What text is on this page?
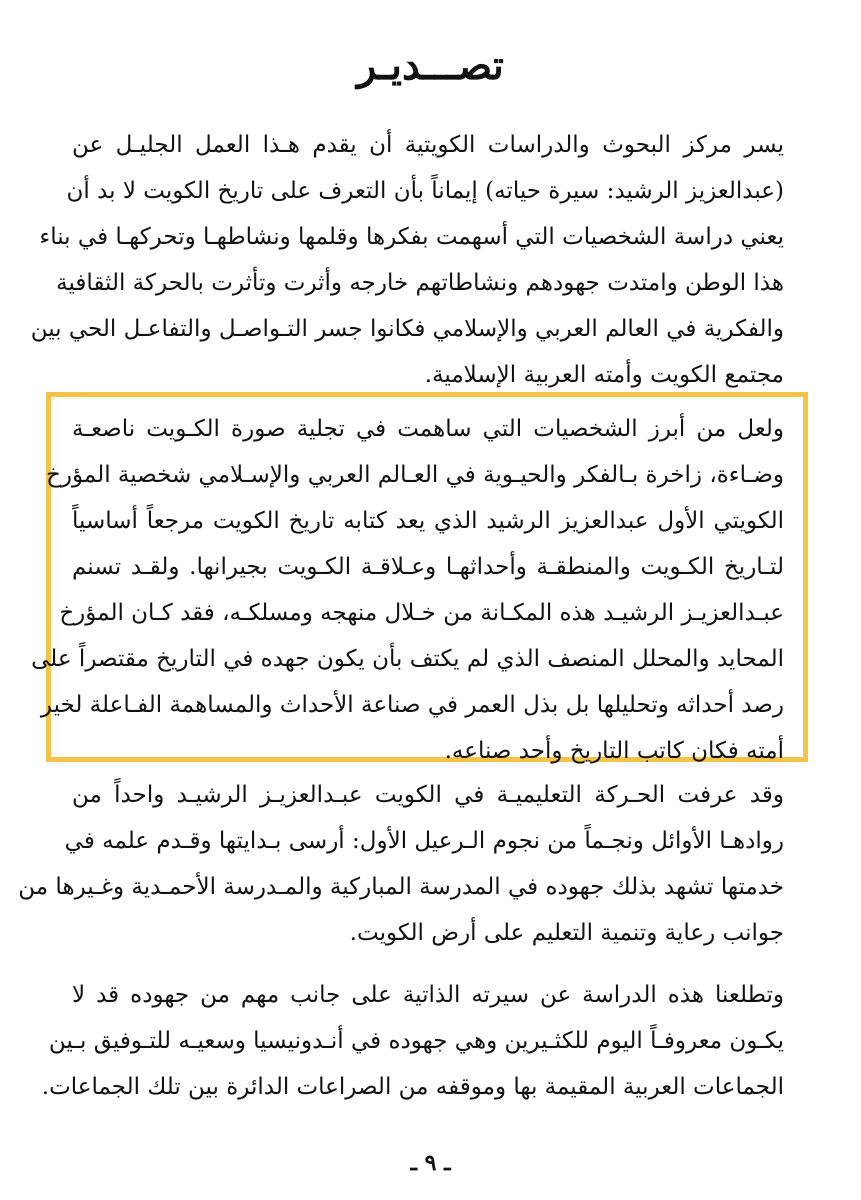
تصـــديـر
يسر مركز البحوث والدراسات الكويتية أن يقدم هـذا العمل الجليـل عن
(عبدالعزيز الرشيد: سيرة حياته) إيماناً بأن التعرف على تاريخ الكويت لا بد أن
يعني دراسة الشخصيات التي أسهمت بفكرها وقلمها ونشاطهـا وتحركهـا في بناء
هذا الوطن وامتدت جهودهم ونشاطاتهم خارجه وأثرت وتأثرت بالحركة الثقافية
والفكرية في العالم العربي والإسلامي فكانوا جسر التـواصـل والتفاعـل الحي بين
مجتمع الكويت وأمته العربية الإسلامية.
ولعل من أبرز الشخصيات التي ساهمت في تجلية صورة الكـويت ناصعـة
وضـاءة، زاخرة بـالفكر والحيـوية في العـالم العربي والإسـلامي شخصية المؤرخ
الكويتي الأول عبدالعزيز الرشيد الذي يعد كتابه تاريخ الكويت مرجعاً أساسياً
لتـاريخ الكـويت والمنطقـة وأحداثهـا وعـلاقـة الكـويت بجيرانها. ولقـد تسنم
عبـدالعزيـز الرشيـد هذه المكـانة من خـلال منهجه ومسلكـه، فقد كـان المؤرخ
المحايد والمحلل المنصف الذي لم يكتف بأن يكون جهده في التاريخ مقتصراً على
رصد أحداثه وتحليلها بل بذل العمر في صناعة الأحداث والمساهمة الفـاعلة لخير
أمته فكان كاتب التاريخ وأحد صناعه.
وقد عرفت الحـركة التعليميـة في الكويت عبـدالعزيـز الرشيـد واحداً من
روادهـا الأوائل ونجـماً من نجوم الـرعيل الأول: أرسى بـدايتها وقـدم علمه في
خدمتها تشهد بذلك جهوده في المدرسة المباركية والمـدرسة الأحمـدية وغـيرها من
جوانب رعاية وتنمية التعليم على أرض الكويت.
وتطلعنا هذه الدراسة عن سيرته الذاتية على جانب مهم من جهوده قد لا
يكـون معروفـاً اليوم للكثـيرين وهي جهوده في أنـدونيسيا وسعيـه للتـوفيق بـين
الجماعات العربية المقيمة بها وموقفه من الصراعات الدائرة بين تلك الجماعات.
ـ ٩ ـ
